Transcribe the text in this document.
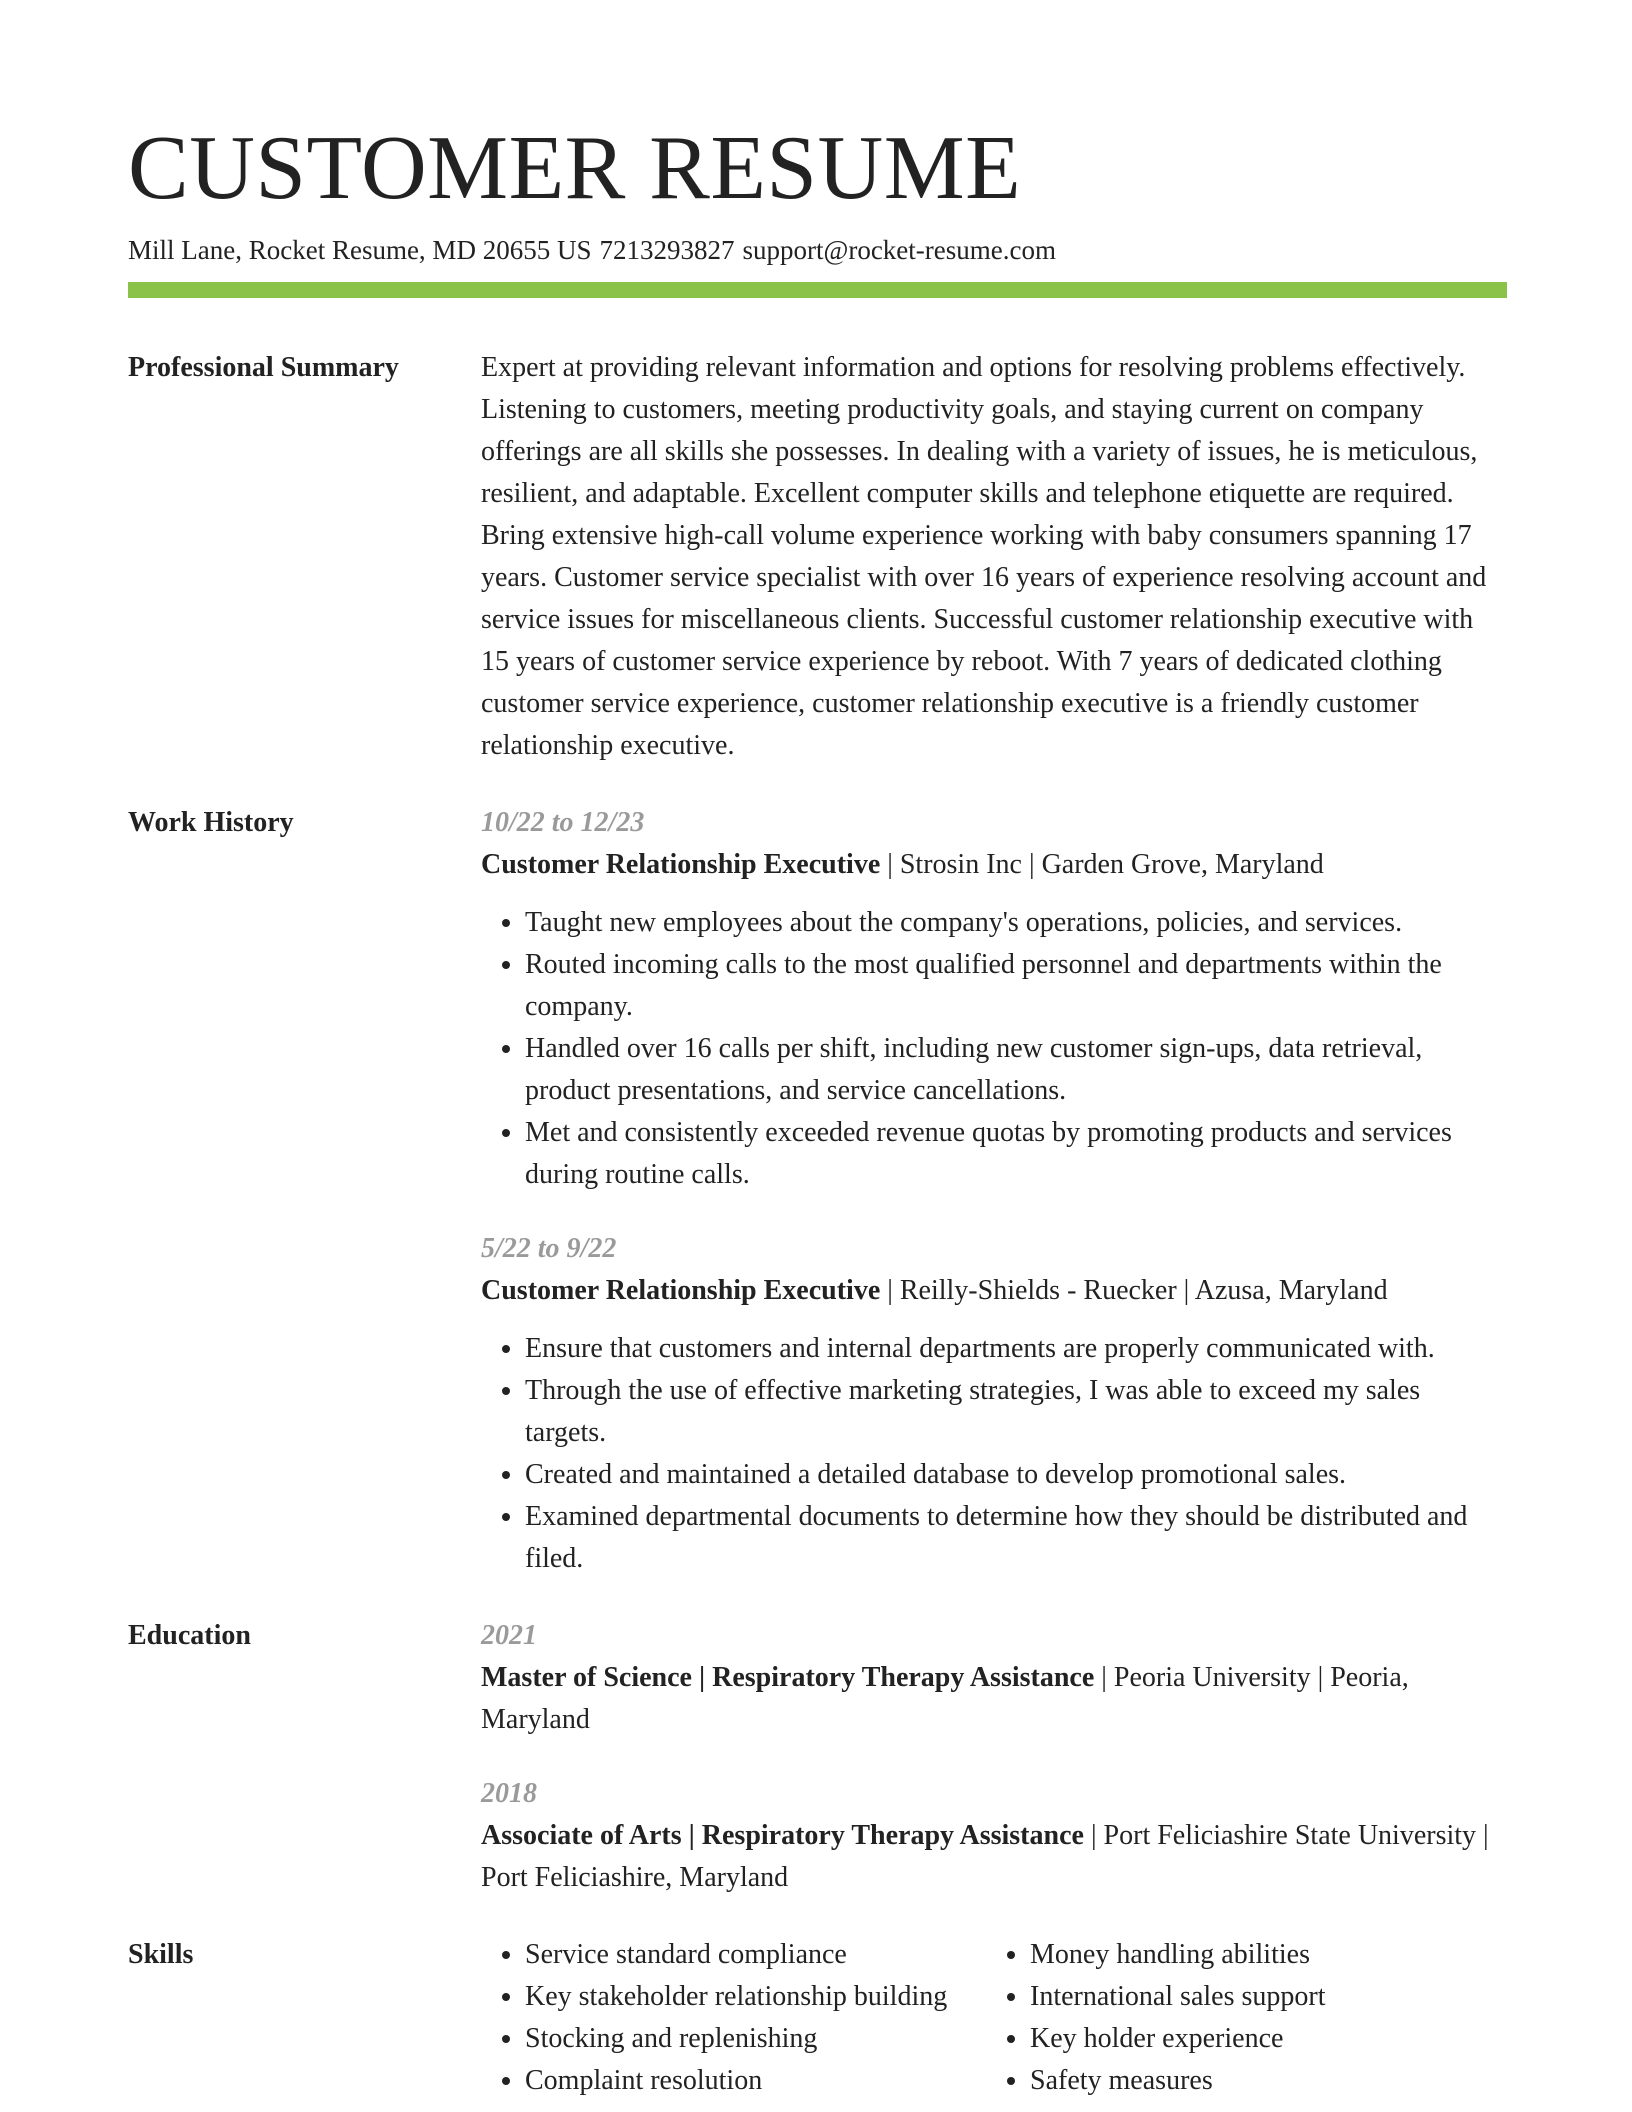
CUSTOMER RESUME
Mill Lane, Rocket Resume, MD 20655 US 7213293827 support@rocket-resume.com
Professional Summary	Expert at providing relevant information and options for resolving problems effectively. Listening to customers, meeting productivity goals, and staying current on company offerings are all skills she possesses. In dealing with a variety of issues, he is meticulous, resilient, and adaptable. Excellent computer skills and telephone etiquette are required. Bring extensive high-call volume experience working with baby consumers spanning 17 years. Customer service specialist with over 16 years of experience resolving account and service issues for miscellaneous clients. Successful customer relationship executive with 15 years of customer service experience by reboot. With 7 years of dedicated clothing customer service experience, customer relationship executive is a friendly customer relationship executive.
Work History	10/22 to 12/23
Customer Relationship Executive | Strosin Inc | Garden Grove, Maryland
• Taught new employees about the company's operations, policies, and services.
• Routed incoming calls to the most qualified personnel and departments within the company.
• Handled over 16 calls per shift, including new customer sign-ups, data retrieval, product presentations, and service cancellations.
• Met and consistently exceeded revenue quotas by promoting products and services during routine calls.
5/22 to 9/22
Customer Relationship Executive | Reilly-Shields - Ruecker | Azusa, Maryland
• Ensure that customers and internal departments are properly communicated with.
• Through the use of effective marketing strategies, I was able to exceed my sales targets.
• Created and maintained a detailed database to develop promotional sales.
• Examined departmental documents to determine how they should be distributed and filed.
Education	2021
Master of Science | Respiratory Therapy Assistance | Peoria University | Peoria, Maryland
2018
Associate of Arts | Respiratory Therapy Assistance | Port Feliciashire State University | Port Feliciashire, Maryland
Skills
•	Service standard compliance
• Key stakeholder relationship building
• Stocking and replenishing
• Complaint resolution
• Money handling abilities
• International sales support
• Key holder experience
• Safety measures
